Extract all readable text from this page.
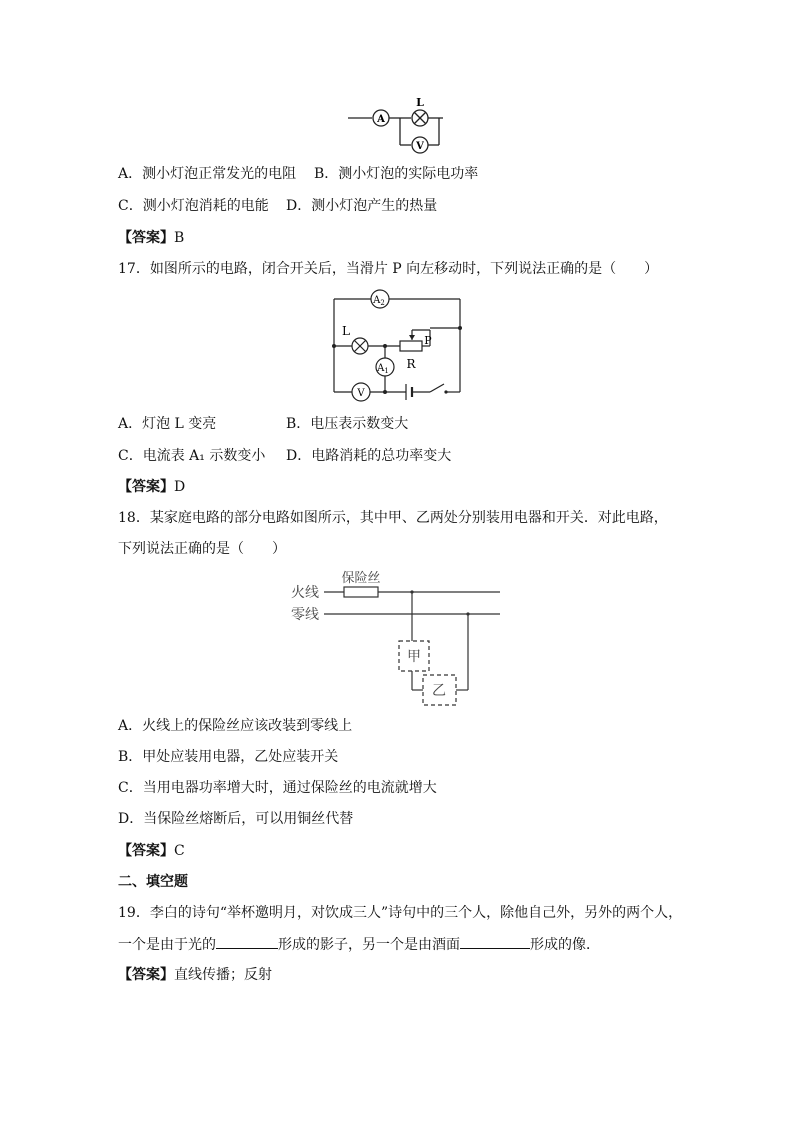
A
L
V
A．测小灯泡正常发光的电阻 B．测小灯泡的实际电功率
C．测小灯泡消耗的电能 D．测小灯泡产生的热量
【答案】B
17．如图所示的电路，闭合开关后，当滑片 P 向左移动时，下列说法正确的是（　　）
$A_2$
L
P
$A_1$ R
V
A．灯泡 L 变亮	B．电压表示数变大
C．电流表 A₁ 示数变小 D．电路消耗的总功率变大
【答案】D
18．某家庭电路的部分电路如图所示，其中甲、乙两处分别装用电器和开关．对此电路，
下列说法正确的是（　　）
火线
零线
保险丝
甲
乙
A．火线上的保险丝应该改装到零线上
B．甲处应装用电器，乙处应装开关
C．当用电器功率增大时，通过保险丝的电流就增大
D．当保险丝熔断后，可以用铜丝代替
【答案】C
二、填空题
19．李白的诗句“举杯邀明月，对饮成三人”诗句中的三个人，除他自己外，另外的两个人，
一个是由于光的	形成的影子，另一个是由酒面	形成的像．
【答案】直线传播；反射
